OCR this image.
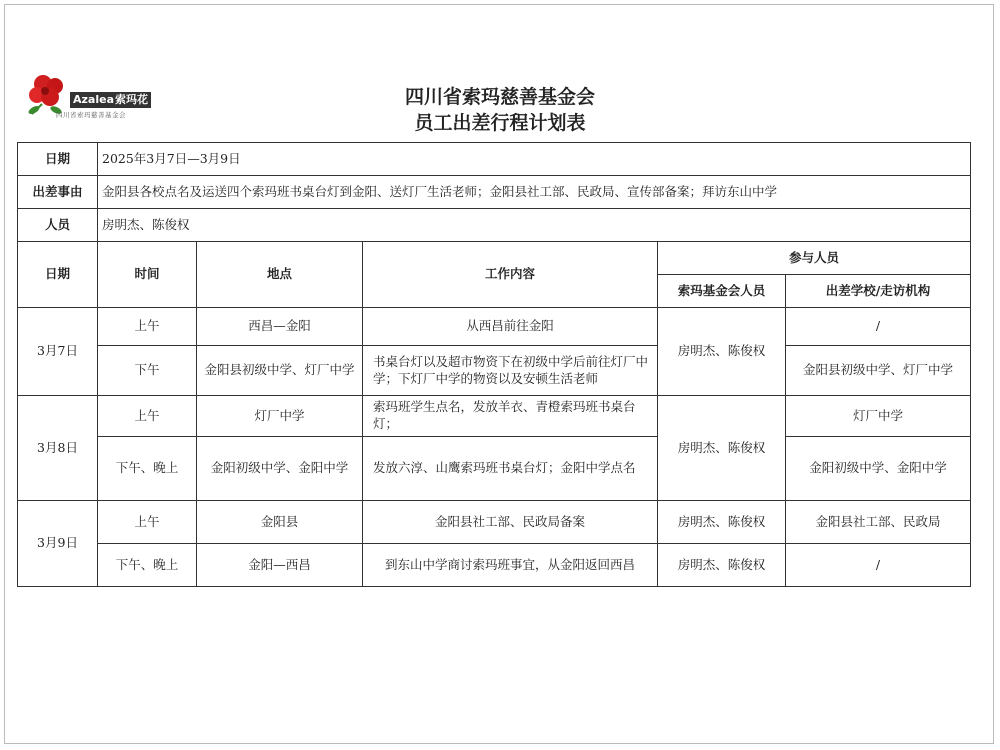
Azalea索玛花
四川省索玛慈善基金会
四川省索玛慈善基金会
员工出差行程计划表
日期	2025年3月7日—3月9日				
出差事由	金阳县各校点名及运送四个索玛班书桌台灯到金阳、送灯厂生活老师；金阳县社工部、民政局、宣传部备案；拜访东山中学				
人员	房明杰、陈俊权				
日期	时间	地点	工作内容	参与人员	
				索玛基金会人员	出差学校/走访机构
3月7日	上午	西昌—金阳	从西昌前往金阳	房明杰、陈俊权	/
	下午	金阳县初级中学、灯厂中学	书桌台灯以及超市物资下在初级中学后前往灯厂中学；下灯厂中学的物资以及安顿生活老师		金阳县初级中学、灯厂中学
3月8日	上午	灯厂中学	索玛班学生点名，发放羊衣、青橙索玛班书桌台灯；	房明杰、陈俊权	灯厂中学
	下午、晚上	金阳初级中学、金阳中学	发放六淳、山鹰索玛班书桌台灯；金阳中学点名		金阳初级中学、金阳中学
3月9日	上午	金阳县	金阳县社工部、民政局备案	房明杰、陈俊权	金阳县社工部、民政局
	下午、晚上	金阳—西昌	到东山中学商讨索玛班事宜，从金阳返回西昌	房明杰、陈俊权	/
